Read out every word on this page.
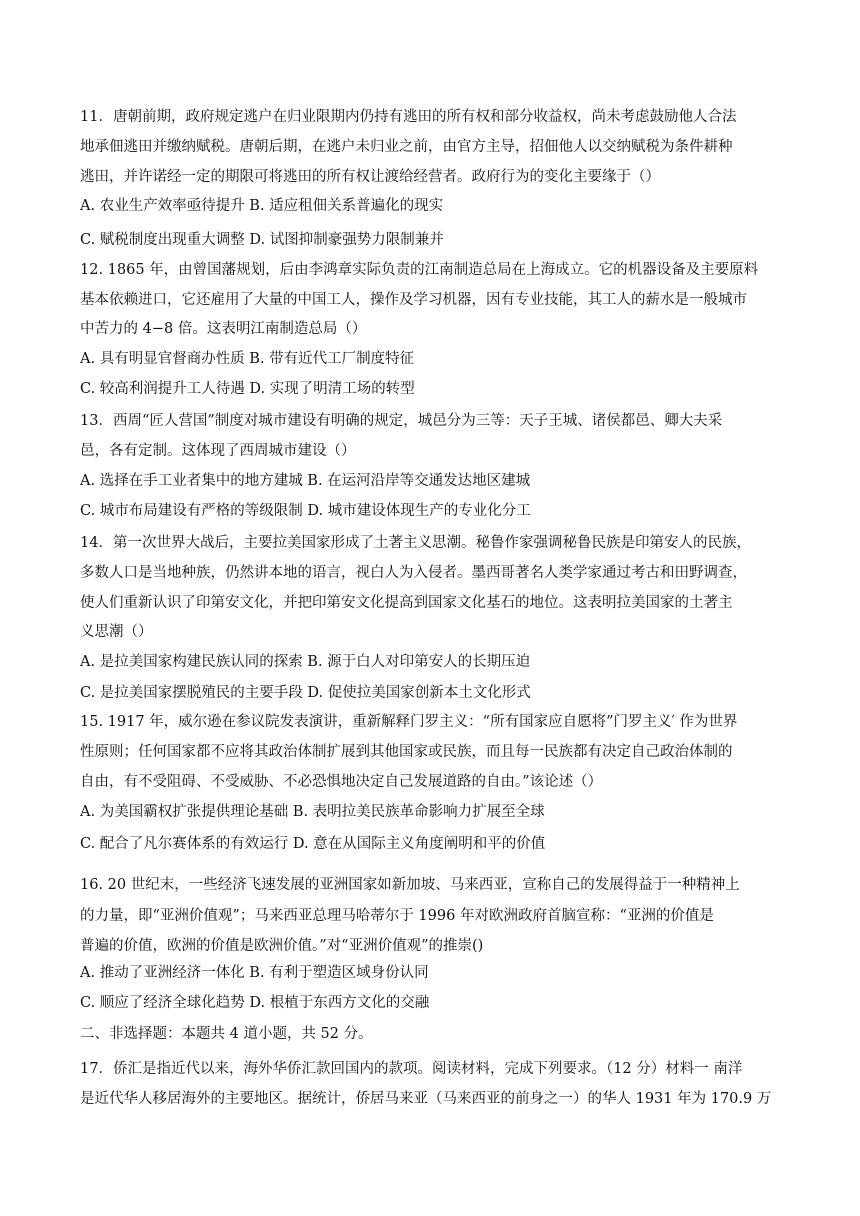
11．唐朝前期，政府规定逃户在归业限期内仍持有逃田的所有权和部分收益权，尚未考虑鼓励他人合法
地承佃逃田并缴纳赋税。唐朝后期，在逃户未归业之前，由官方主导，招佃他人以交纳赋税为条件耕种
逃田，并许诺经一定的期限可将逃田的所有权让渡给经营者。政府行为的变化主要缘于（）
A. 农业生产效率亟待提升 B. 适应租佃关系普遍化的现实
C. 赋税制度出现重大调整 D. 试图抑制豪强势力限制兼并
12. 1865 年，由曾国藩规划，后由李鸿章实际负责的江南制造总局在上海成立。它的机器设备及主要原料
基本依赖进口，它还雇用了大量的中国工人，操作及学习机器，因有专业技能，其工人的薪水是一般城市
中苦力的 4−8 倍。这表明江南制造总局（）
A. 具有明显官督商办性质 B. 带有近代工厂制度特征
C. 较高利润提升工人待遇 D. 实现了明清工场的转型
13．西周“匠人营国”制度对城市建设有明确的规定，城邑分为三等：天子王城、诸侯都邑、卿大夫采
邑，各有定制。这体现了西周城市建设（）
A. 选择在手工业者集中的地方建城 B. 在运河沿岸等交通发达地区建城
C. 城市布局建设有严格的等级限制 D. 城市建设体现生产的专业化分工
14．第一次世界大战后，主要拉美国家形成了土著主义思潮。秘鲁作家强调秘鲁民族是印第安人的民族，
多数人口是当地种族，仍然讲本地的语言，视白人为入侵者。墨西哥著名人类学家通过考古和田野调查，
使人们重新认识了印第安文化，并把印第安文化提高到国家文化基石的地位。这表明拉美国家的土著主
义思潮（）
A. 是拉美国家构建民族认同的探索 B. 源于白人对印第安人的长期压迫
C. 是拉美国家摆脱殖民的主要手段 D. 促使拉美国家创新本土文化形式
15. 1917 年，威尔逊在参议院发表演讲，重新解释门罗主义：“所有国家应自愿将”门罗主义′ 作为世界
性原则；任何国家都不应将其政治体制扩展到其他国家或民族，而且每一民族都有决定自己政治体制的
自由，有不受阻碍、不受威胁、不必恐惧地决定自己发展道路的自由。”该论述（）
A. 为美国霸权扩张提供理论基础 B. 表明拉美民族革命影响力扩展至全球
C. 配合了凡尔赛体系的有效运行 D. 意在从国际主义角度阐明和平的价值
16. 20 世纪末，一些经济飞速发展的亚洲国家如新加坡、马来西亚，宣称自己的发展得益于一种精神上
的力量，即“亚洲价值观”；马来西亚总理马哈蒂尔于 1996 年对欧洲政府首脑宣称：“亚洲的价值是
普遍的价值，欧洲的价值是欧洲价值。”对“亚洲价值观”的推崇()
A. 推动了亚洲经济一体化 B. 有利于塑造区域身份认同
C. 顺应了经济全球化趋势 D. 根植于东西方文化的交融
二、非选择题：本题共 4 道小题，共 52 分。
17．侨汇是指近代以来，海外华侨汇款回国内的款项。阅读材料，完成下列要求。（12 分）材料一 南洋
是近代华人移居海外的主要地区。据统计，侨居马来亚（马来西亚的前身之一）的华人 1931 年为 170.9 万
